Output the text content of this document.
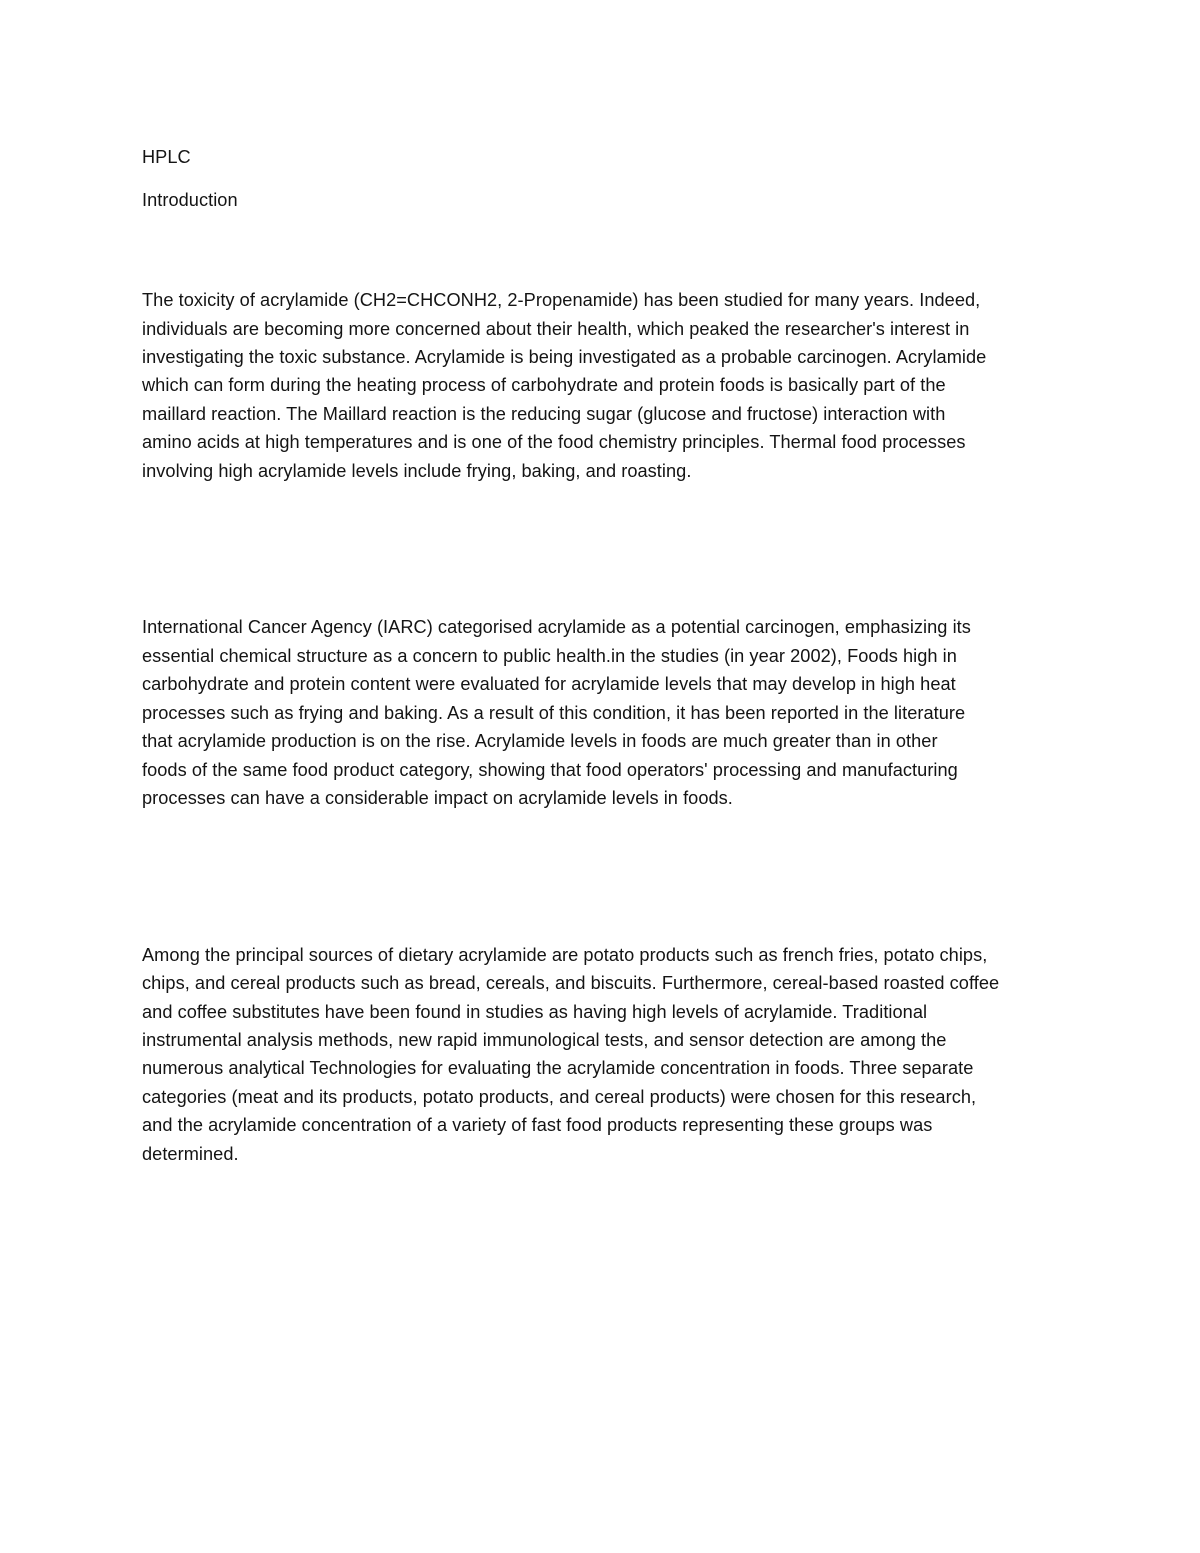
HPLC

Introduction

The toxicity of acrylamide (CH2=CHCONH2, 2-Propenamide) has been studied for many years. Indeed,
individuals are becoming more concerned about their health, which peaked the researcher's interest in
investigating the toxic substance. Acrylamide is being investigated as a probable carcinogen. Acrylamide
which can form during the heating process of carbohydrate and protein foods is basically part of the
maillard reaction. The Maillard reaction is the reducing sugar (glucose and fructose) interaction with
amino acids at high temperatures and is one of the food chemistry principles. Thermal food processes
involving high acrylamide levels include frying, baking, and roasting.

International Cancer Agency (IARC) categorised acrylamide as a potential carcinogen, emphasizing its
essential chemical structure as a concern to public health.in the studies (in year 2002), Foods high in
carbohydrate and protein content were evaluated for acrylamide levels that may develop in high heat
processes such as frying and baking. As a result of this condition, it has been reported in the literature
that acrylamide production is on the rise. Acrylamide levels in foods are much greater than in other
foods of the same food product category, showing that food operators' processing and manufacturing
processes can have a considerable impact on acrylamide levels in foods.

Among the principal sources of dietary acrylamide are potato products such as french fries, potato chips,
chips, and cereal products such as bread, cereals, and biscuits. Furthermore, cereal-based roasted coffee
and coffee substitutes have been found in studies as having high levels of acrylamide. Traditional
instrumental analysis methods, new rapid immunological tests, and sensor detection are among the
numerous analytical Technologies for evaluating the acrylamide concentration in foods. Three separate
categories (meat and its products, potato products, and cereal products) were chosen for this research,
and the acrylamide concentration of a variety of fast food products representing these groups was
determined.
